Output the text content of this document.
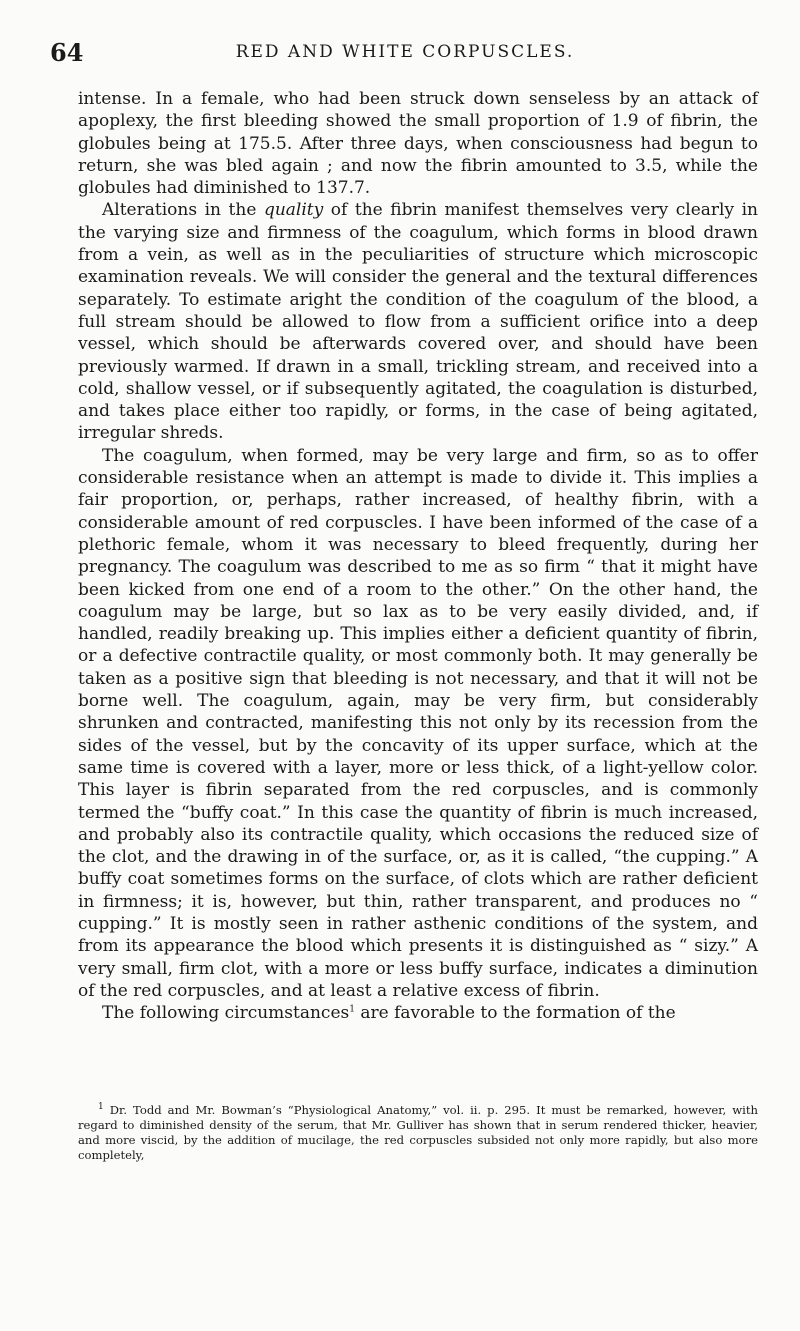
64	RED AND WHITE CORPUSCLES.

intense. In a female, who had been struck down senseless by an attack of apoplexy, the first bleeding showed the small proportion of 1.9 of fibrin, the globules being at 175.5. After three days, when consciousness had begun to return, she was bled again ; and now the fibrin amounted to 3.5, while the globules had diminished to 137.7.

Alterations in the quality of the fibrin manifest themselves very clearly in the varying size and firmness of the coagulum, which forms in blood drawn from a vein, as well as in the peculiarities of structure which microscopic examination reveals. We will consider the general and the textural differences separately. To estimate aright the condition of the coagulum of the blood, a full stream should be allowed to flow from a sufficient orifice into a deep vessel, which should be afterwards covered over, and should have been previously warmed. If drawn in a small, trickling stream, and received into a cold, shallow vessel, or if subsequently agitated, the coagulation is disturbed, and takes place either too rapidly, or forms, in the case of being agitated, irregular shreds.

The coagulum, when formed, may be very large and firm, so as to offer considerable resistance when an attempt is made to divide it. This implies a fair proportion, or, perhaps, rather increased, of healthy fibrin, with a considerable amount of red corpuscles. I have been informed of the case of a plethoric female, whom it was necessary to bleed frequently, during her pregnancy. The coagulum was described to me as so firm “ that it might have been kicked from one end of a room to the other.” On the other hand, the coagulum may be large, but so lax as to be very easily divided, and, if handled, readily breaking up. This implies either a deficient quantity of fibrin, or a defective contractile quality, or most commonly both. It may generally be taken as a positive sign that bleeding is not necessary, and that it will not be borne well. The coagulum, again, may be very firm, but considerably shrunken and contracted, manifesting this not only by its recession from the sides of the vessel, but by the concavity of its upper surface, which at the same time is covered with a layer, more or less thick, of a light-yellow color. This layer is fibrin separated from the red corpuscles, and is commonly termed the “buffy coat.” In this case the quantity of fibrin is much increased, and probably also its contractile quality, which occasions the reduced size of the clot, and the drawing in of the surface, or, as it is called, “the cupping.” A buffy coat sometimes forms on the surface, of clots which are rather deficient in firmness; it is, however, but thin, rather transparent, and produces no “ cupping.” It is mostly seen in rather asthenic conditions of the system, and from its appearance the blood which presents it is distinguished as “ sizy.” A very small, firm clot, with a more or less buffy surface, indicates a diminution of the red corpuscles, and at least a relative excess of fibrin.

The following circumstances$^1$ are favorable to the formation of the

$^1$ Dr. Todd and Mr. Bowman’s “Physiological Anatomy,” vol. ii. p. 295. It must be remarked, however, with regard to diminished density of the serum, that Mr. Gulliver has shown that in serum rendered thicker, heavier, and more viscid, by the addition of mucilage, the red corpuscles subsided not only more rapidly, but also more completely,
